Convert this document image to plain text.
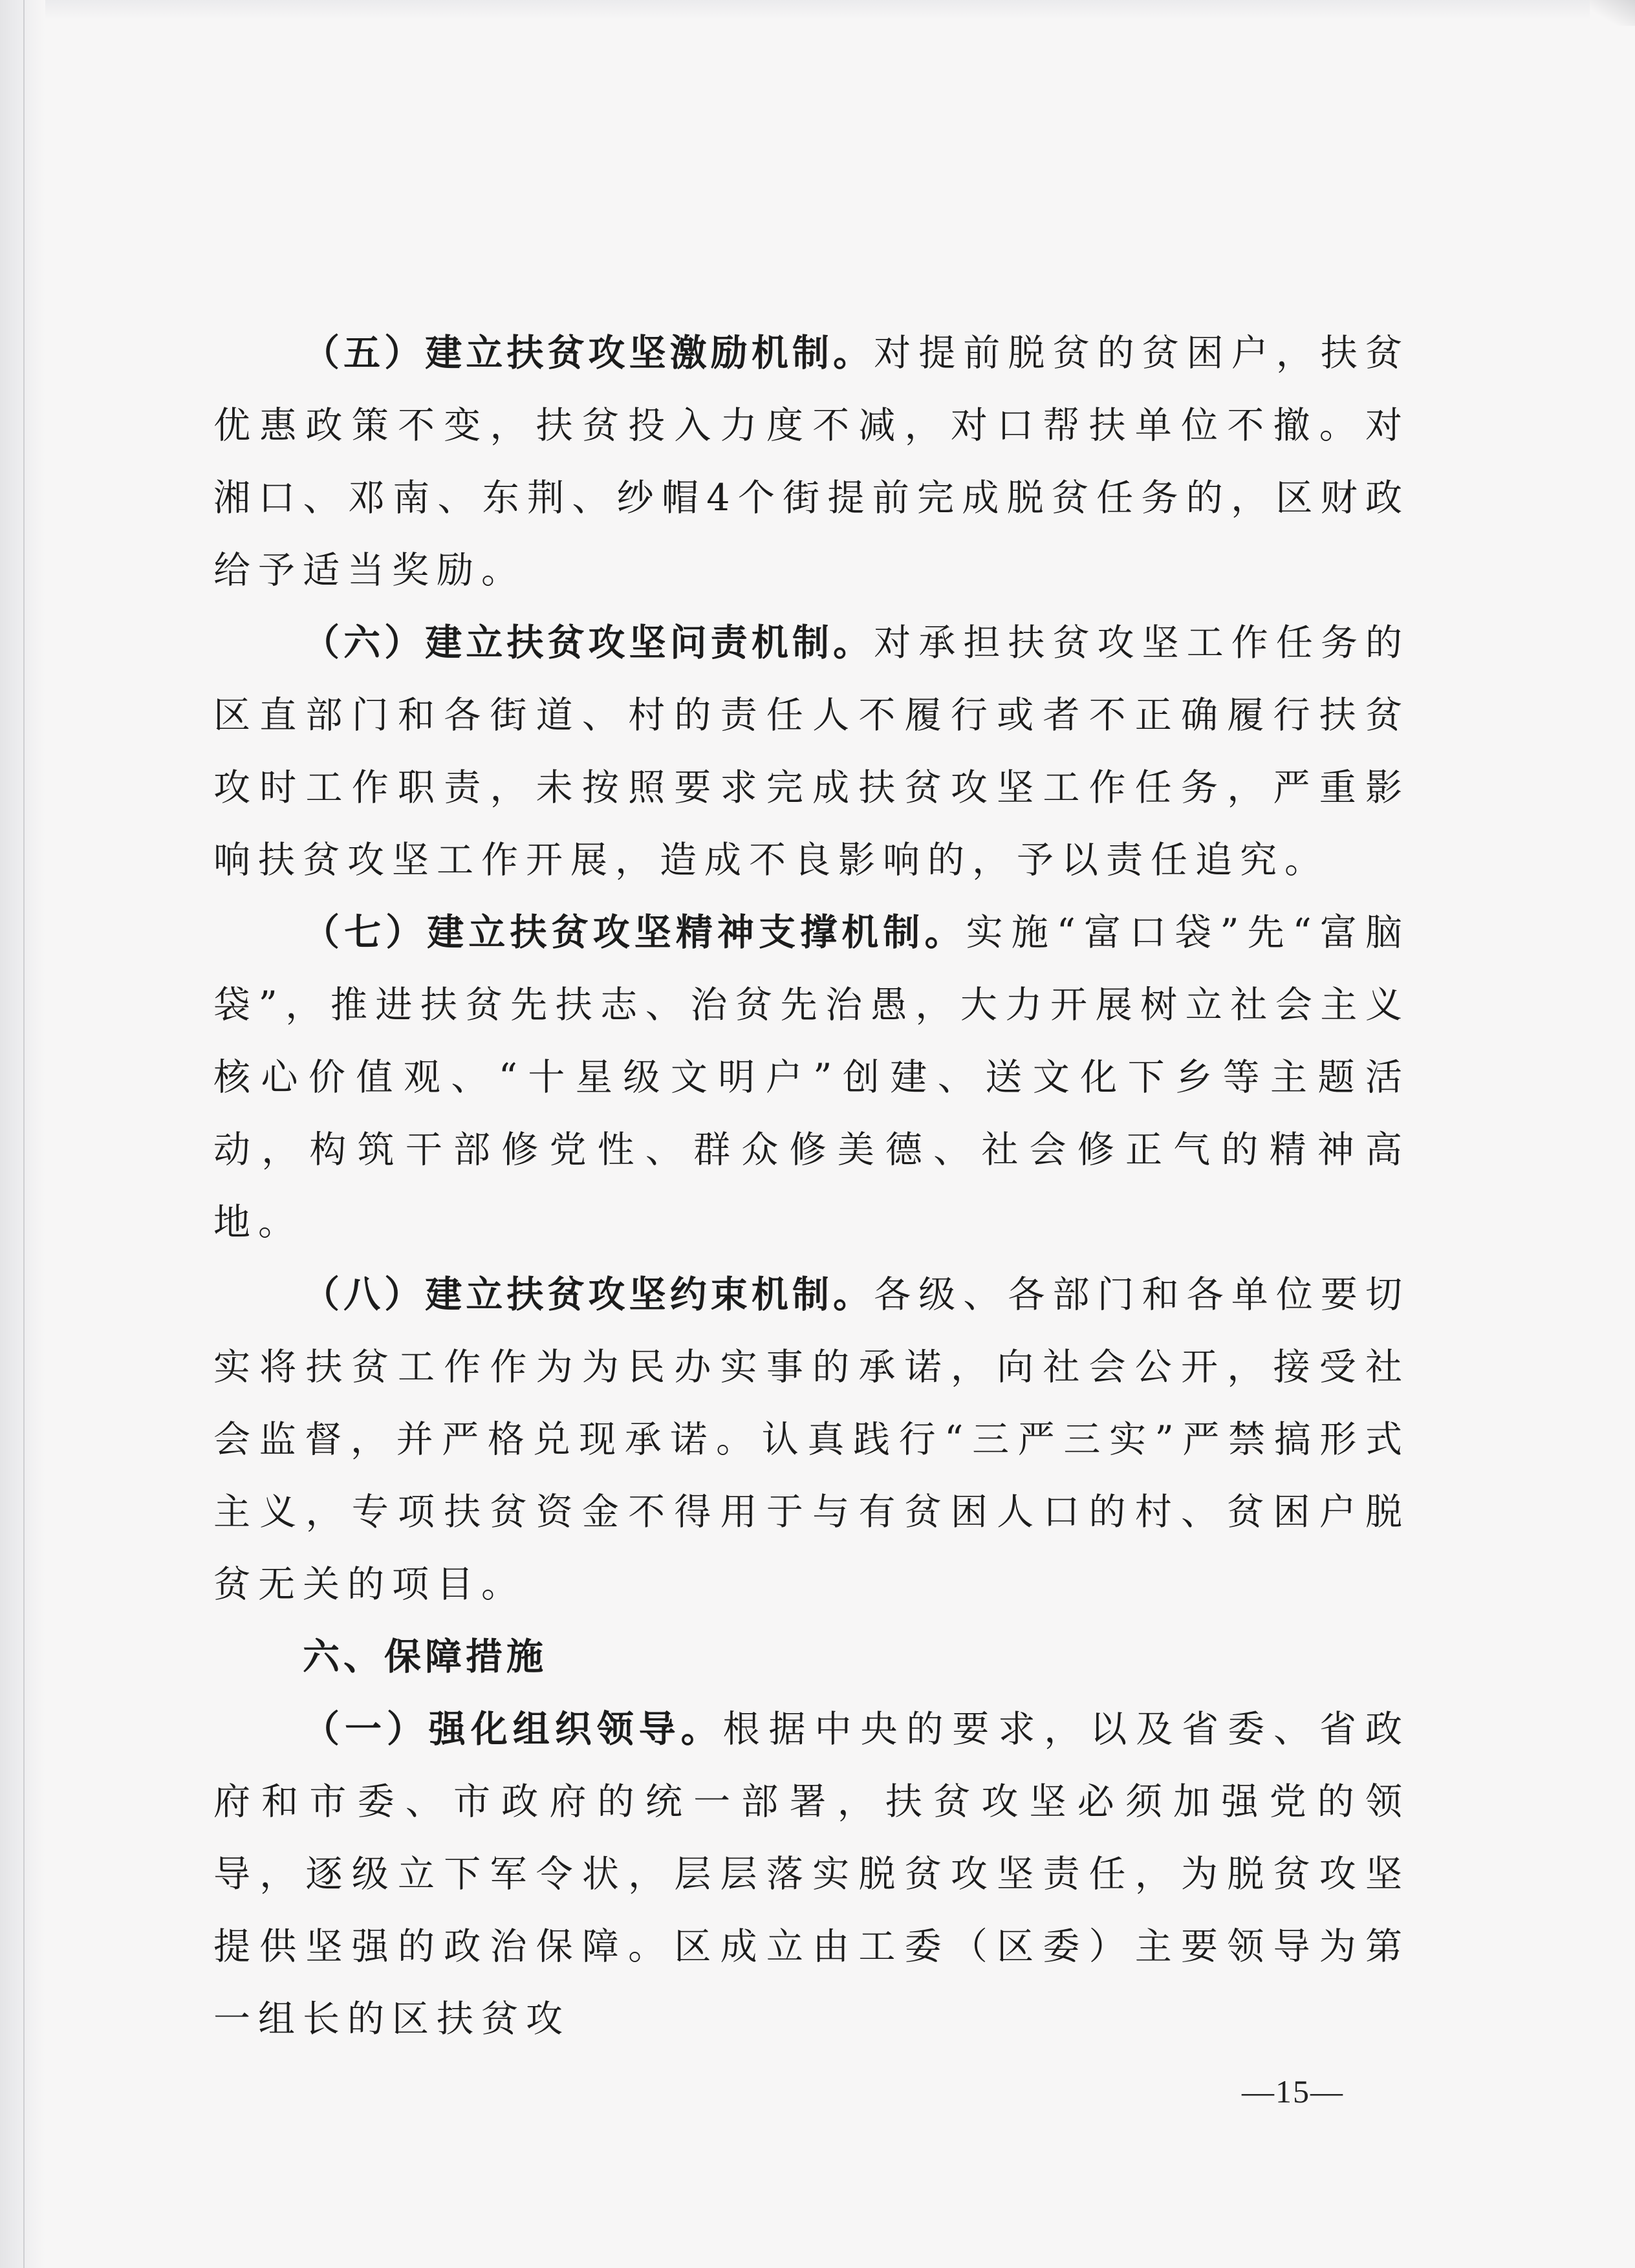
（五）建立扶贫攻坚激励机制。对提前脱贫的贫困户，扶贫优惠政策不变，扶贫投入力度不减，对口帮扶单位不撤。对湘口、邓南、东荆、纱帽4个街提前完成脱贫任务的，区财政给予适当奖励。

（六）建立扶贫攻坚问责机制。对承担扶贫攻坚工作任务的区直部门和各街道、村的责任人不履行或者不正确履行扶贫攻时工作职责，未按照要求完成扶贫攻坚工作任务，严重影响扶贫攻坚工作开展，造成不良影响的，予以责任追究。

（七）建立扶贫攻坚精神支撑机制。实施“富口袋”先“富脑袋”，推进扶贫先扶志、治贫先治愚，大力开展树立社会主义核心价值观、“十星级文明户”创建、送文化下乡等主题活动，构筑干部修党性、群众修美德、社会修正气的精神高地。

（八）建立扶贫攻坚约束机制。各级、各部门和各单位要切实将扶贫工作作为为民办实事的承诺，向社会公开，接受社会监督，并严格兑现承诺。认真践行“三严三实”严禁搞形式主义，专项扶贫资金不得用于与有贫困人口的村、贫困户脱贫无关的项目。

六、保障措施

（一）强化组织领导。根据中央的要求，以及省委、省政府和市委、市政府的统一部署，扶贫攻坚必须加强党的领导，逐级立下军令状，层层落实脱贫攻坚责任，为脱贫攻坚提供坚强的政治保障。区成立由工委（区委）主要领导为第一组长的区扶贫攻

—15—
